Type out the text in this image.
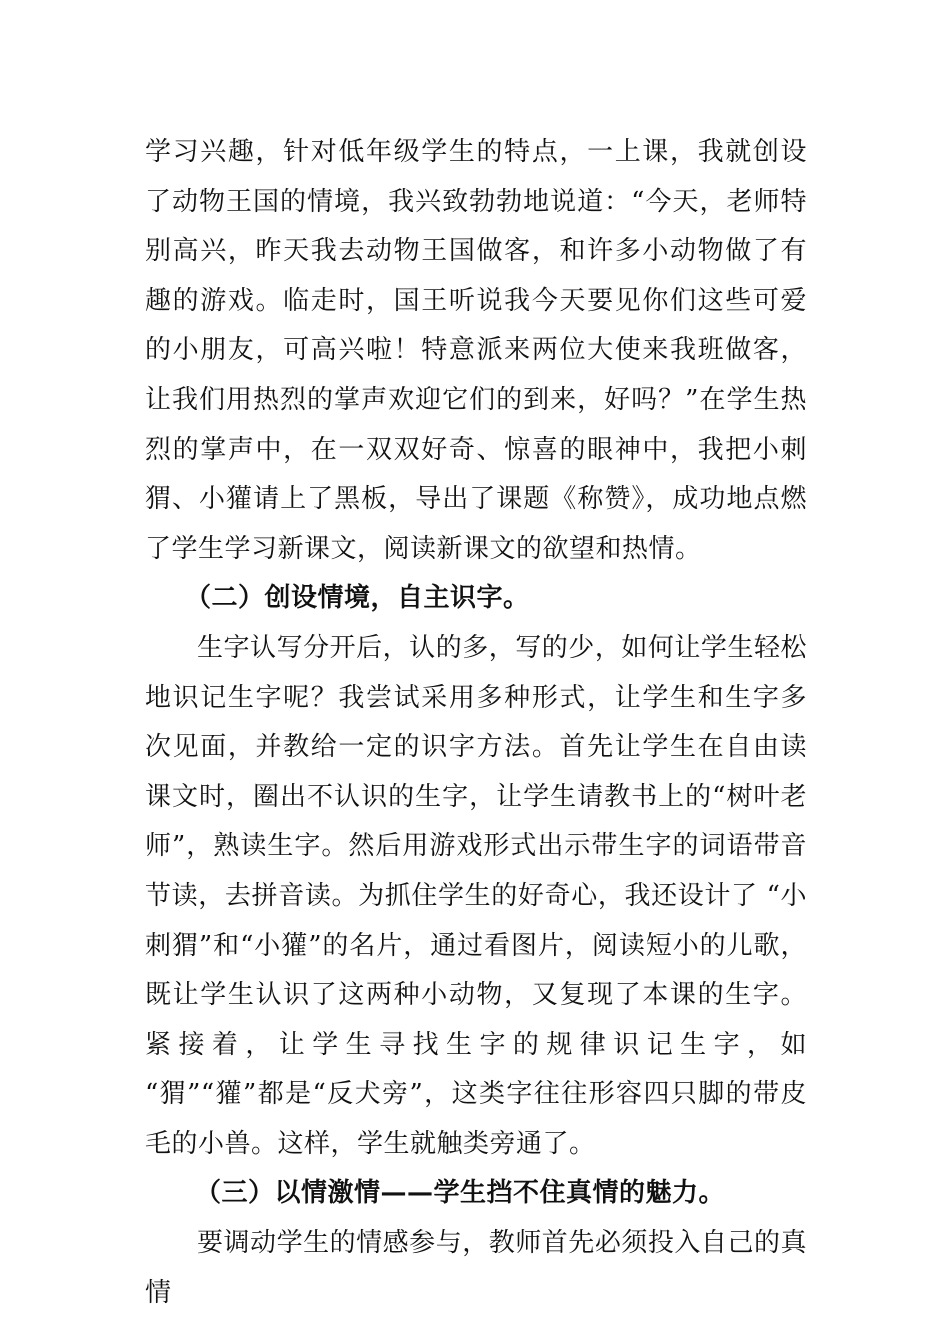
学习兴趣，针对低年级学生的特点，一上课，我就创设了动物王国的情境，我兴致勃勃地说道：“今天，老师特别高兴，昨天我去动物王国做客，和许多小动物做了有趣的游戏。临走时，国王听说我今天要见你们这些可爱的小朋友，可高兴啦！特意派来两位大使来我班做客，让我们用热烈的掌声欢迎它们的到来，好吗？”在学生热烈的掌声中，在一双双好奇、惊喜的眼神中，我把小刺猬、小獾请上了黑板，导出了课题《称赞》，成功地点燃了学生学习新课文，阅读新课文的欲望和热情。

（二）创设情境，自主识字。

生字认写分开后，认的多，写的少，如何让学生轻松地识记生字呢？我尝试采用多种形式，让学生和生字多次见面，并教给一定的识字方法。首先让学生在自由读课文时，圈出不认识的生字，让学生请教书上的“树叶老师”，熟读生字。然后用游戏形式出示带生字的词语带音节读，去拼音读。为抓住学生的好奇心，我还设计了 “小刺猬”和“小獾”的名片，通过看图片，阅读短小的儿歌，既让学生认识了这两种小动物，又复现了本课的生字。紧接着，让学生寻找生字的规律识记生字，如 “猬”“獾”都是“反犬旁”，这类字往往形容四只脚的带皮毛的小兽。这样，学生就触类旁通了。

（三）以情激情——学生挡不住真情的魅力。

要调动学生的情感参与，教师首先必须投入自己的真情
